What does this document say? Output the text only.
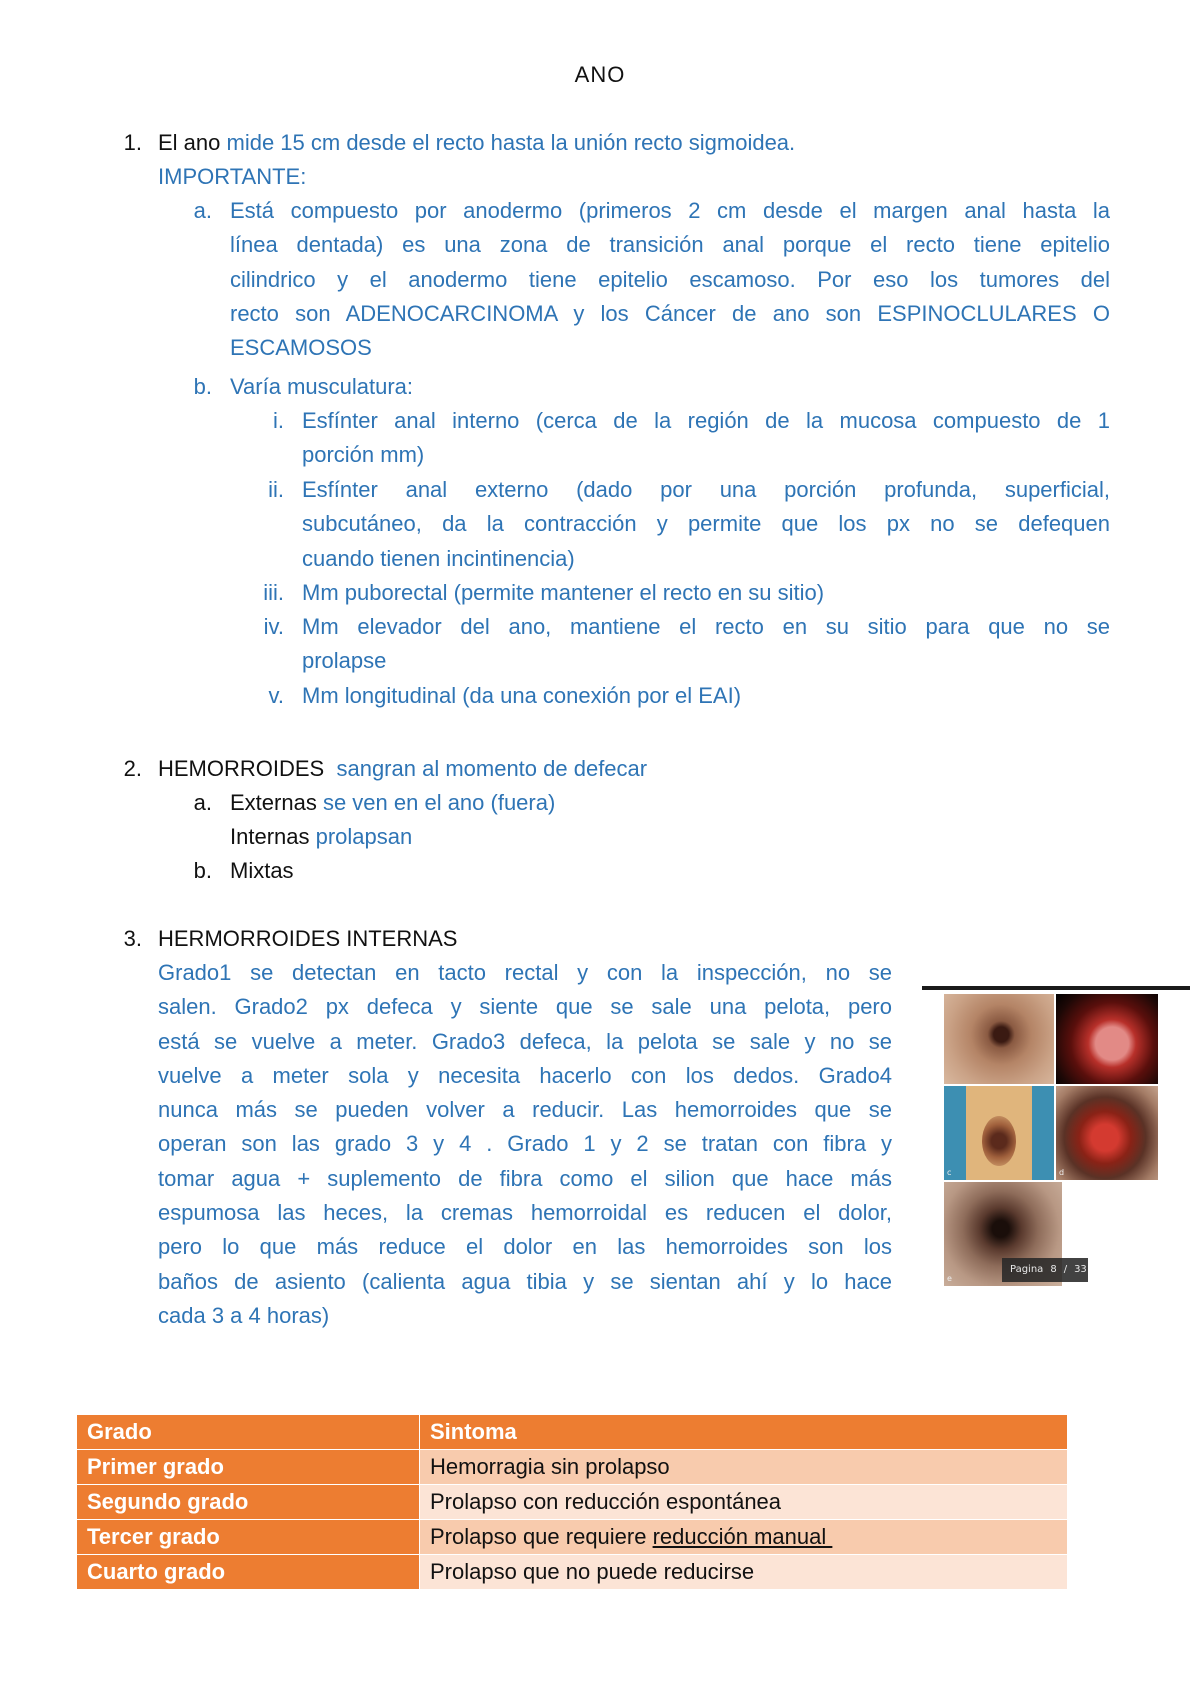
ANO
1. El ano mide 15 cm desde el recto hasta la unión recto sigmoidea.
IMPORTANTE:
a. Está compuesto por anodermo (primeros 2 cm desde el margen anal hasta la
línea dentada) es una zona de transición anal porque el recto tiene epitelio
cilindrico y el anodermo tiene epitelio escamoso. Por eso los tumores del
recto son ADENOCARCINOMA y los Cáncer de ano son ESPINOCLULARES O
ESCAMOSOS
b. Varía musculatura:
i. Esfínter anal interno (cerca de la región de la mucosa compuesto de 1
porción mm)
ii. Esfínter anal externo (dado por una porción profunda, superficial,
subcutáneo, da la contracción y permite que los px no se defequen
cuando tienen incintinencia)
iii. Mm puborectal (permite mantener el recto en su sitio)
iv. Mm elevador del ano, mantiene el recto en su sitio para que no se
prolapse
v. Mm longitudinal (da una conexión por el EAI)
2. HEMORROIDES  sangran al momento de defecar
a. Externas se ven en el ano (fuera)
Internas prolapsan
b. Mixtas
3. HERMORROIDES INTERNAS
Grado1 se detectan en tacto rectal y con la inspección, no se
salen. Grado2 px defeca y siente que se sale una pelota, pero
está se vuelve a meter. Grado3 defeca, la pelota se sale y no se
vuelve a meter sola y necesita hacerlo con los dedos. Grado4
nunca más se pueden volver a reducir. Las hemorroides que se
operan son las grado 3 y 4 . Grado 1 y 2 se tratan con fibra y
tomar agua + suplemento de fibra como el silion que hace más
espumosa las heces, la cremas hemorroidal es reducen el dolor,
pero lo que más reduce el dolor en las hemorroides son los
baños de asiento (calienta agua tibia y se sientan ahí y lo hace
cada 3 a 4 horas)
c	d
e
Pagina 8 / 33
Grado	Sintoma
Primer grado	Hemorragia sin prolapso
Segundo grado	Prolapso con reducción espontánea
Tercer grado	Prolapso que requiere reducción manual
Cuarto grado	Prolapso que no puede reducirse
